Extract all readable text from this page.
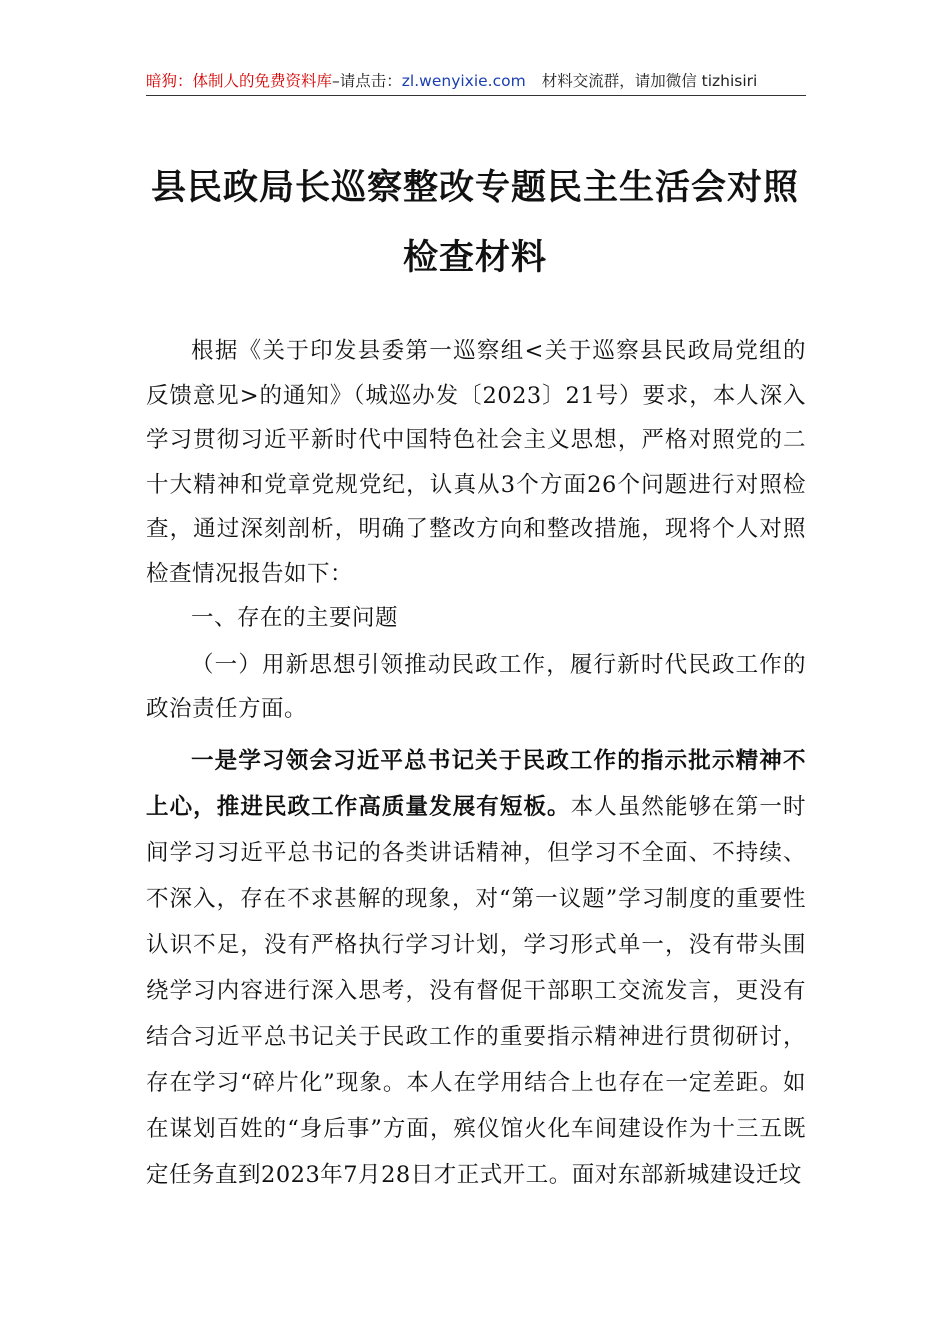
暗狗：体制人的免费资料库–请点击：zl.wenyixie.com 材料交流群，请加微信 tizhisiri
县民政局长巡察整改专题民主生活会对照
检查材料

根据《关于印发县委第一巡察组<关于巡察县民政局党组的反馈意见>的通知》（城巡办发〔2023〕21号）要求，本人深入学习贯彻习近平新时代中国特色社会主义思想，严格对照党的二十大精神和党章党规党纪，认真从3个方面26个问题进行对照检查，通过深刻剖析，明确了整改方向和整改措施，现将个人对照检查情况报告如下：

一、存在的主要问题

（一）用新思想引领推动民政工作，履行新时代民政工作的政治责任方面。

一是学习领会习近平总书记关于民政工作的指示批示精神不上心，推进民政工作高质量发展有短板。本人虽然能够在第一时间学习习近平总书记的各类讲话精神，但学习不全面、不持续、不深入，存在不求甚解的现象，对“第一议题”学习制度的重要性认识不足，没有严格执行学习计划，学习形式单一，没有带头围绕学习内容进行深入思考，没有督促干部职工交流发言，更没有结合习近平总书记关于民政工作的重要指示精神进行贯彻研讨，存在学习“碎片化”现象。本人在学用结合上也存在一定差距。如在谋划百姓的“身后事”方面，殡仪馆火化车间建设作为十三五既定任务直到2023年7月28日才正式开工。面对东部新城建设迁坟
